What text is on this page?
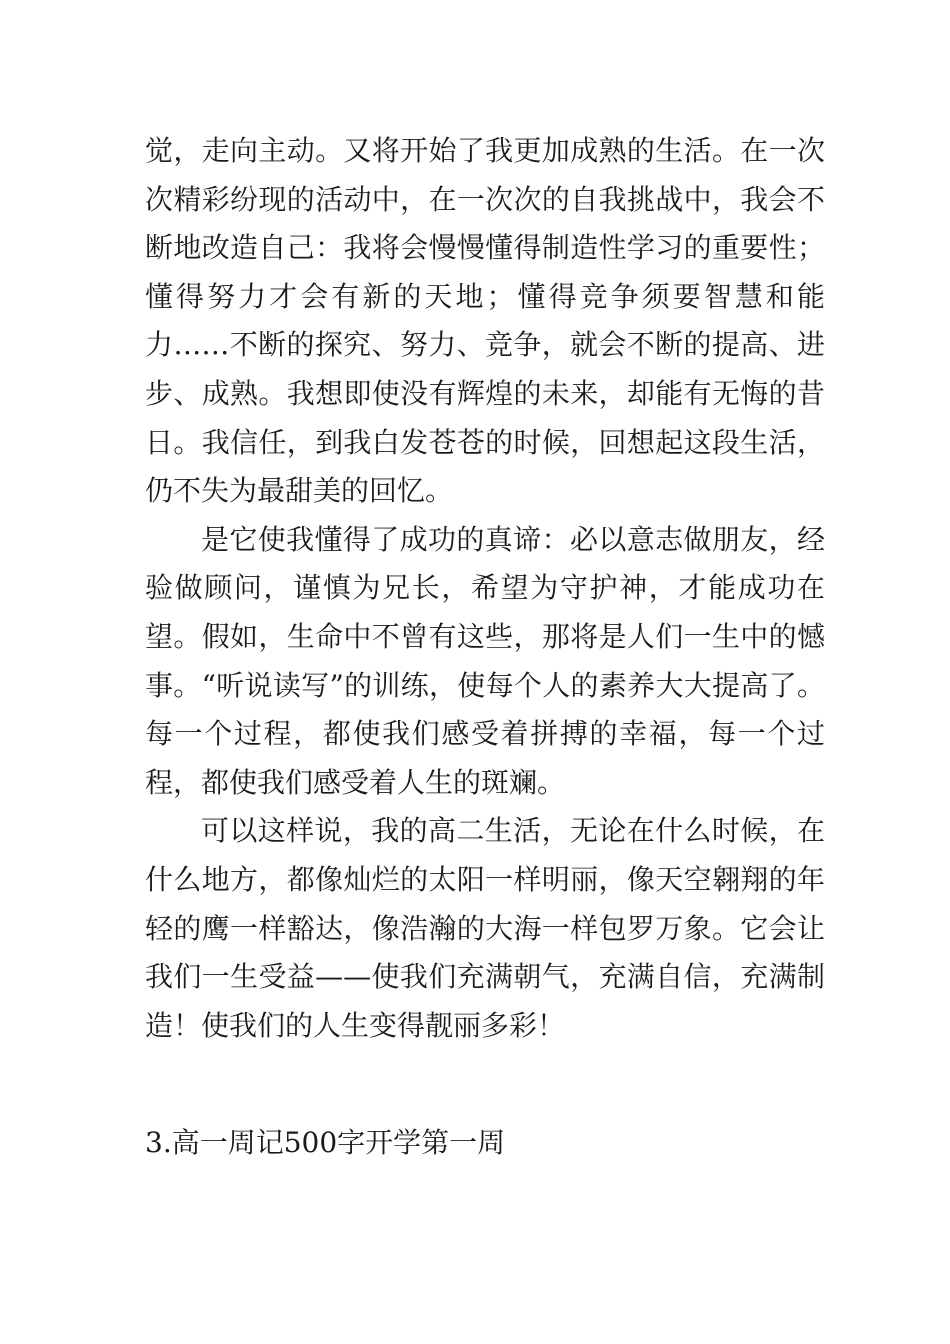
觉，走向主动。又将开始了我更加成熟的生活。在一次次精彩纷现的活动中，在一次次的自我挑战中，我会不断地改造自己：我将会慢慢懂得制造性学习的重要性；懂得努力才会有新的天地；懂得竞争须要智慧和能力……不断的探究、努力、竞争，就会不断的提高、进步、成熟。我想即使没有辉煌的未来，却能有无悔的昔日。我信任，到我白发苍苍的时候，回想起这段生活，仍不失为最甜美的回忆。

是它使我懂得了成功的真谛：必以意志做朋友，经验做顾问，谨慎为兄长，希望为守护神，才能成功在望。假如，生命中不曾有这些，那将是人们一生中的憾事。“听说读写”的训练，使每个人的素养大大提高了。每一个过程，都使我们感受着拼搏的幸福，每一个过程，都使我们感受着人生的斑斓。

可以这样说，我的高二生活，无论在什么时候，在什么地方，都像灿烂的太阳一样明丽，像天空翱翔的年轻的鹰一样豁达，像浩瀚的大海一样包罗万象。它会让我们一生受益——使我们充满朝气，充满自信，充满制造！使我们的人生变得靓丽多彩！

3.高一周记500字开学第一周
